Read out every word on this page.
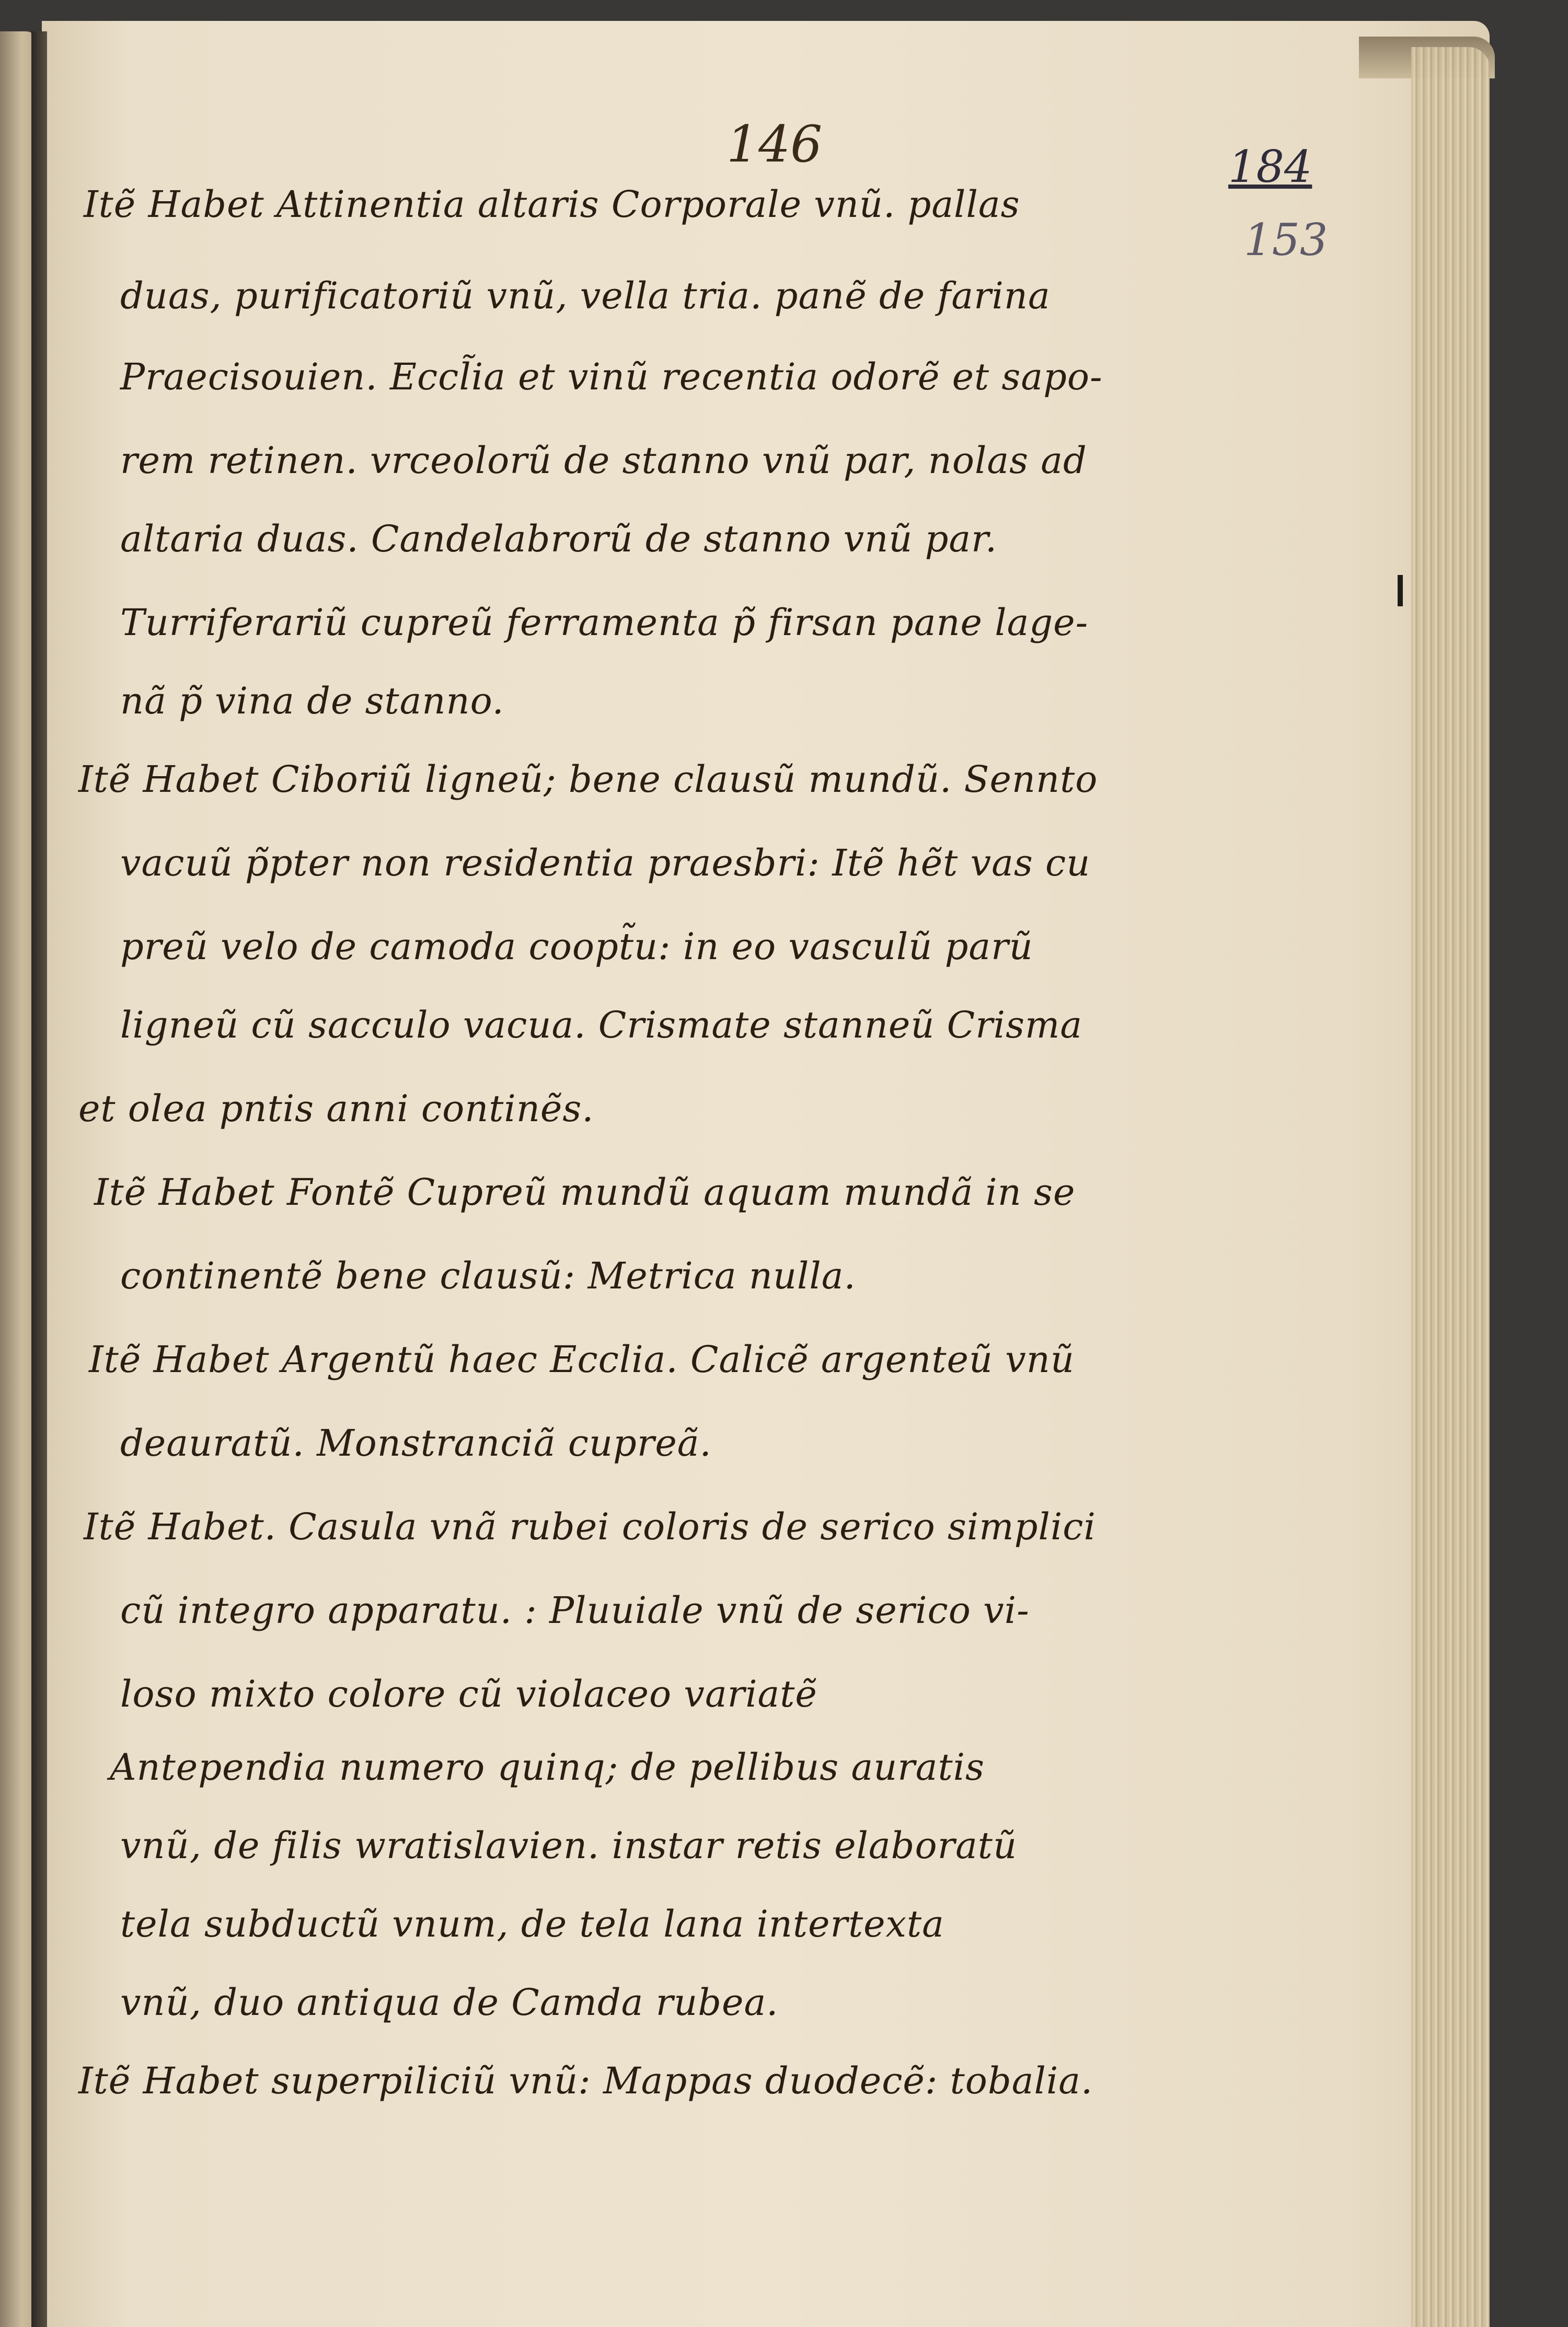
146	184
153
Itẽ Habet Attinentia altaris Corporale vnũ. pallas
duas, purificatoriũ vnũ, vella tria. panẽ de farina
Praecisouien. Eccl̃ia et vinũ recentia odorẽ et sapo-
rem retinen. vrceolorũ de stanno vnũ par, nolas ad
altaria duas. Candelabrorũ de stanno vnũ par.
Turriferariũ cupreũ ferramenta p̃ firsan pane lage-
nã p̃ vina de stanno.
Itẽ Habet Ciboriũ ligneũ; bene clausũ mundũ. Sennto
vacuũ p̃pter non residentia praesbri: Itẽ hẽt vas cu
preũ velo de camoda coopt̃u: in eo vasculũ parũ
ligneũ cũ sacculo vacua. Crismate stanneũ Crisma
et olea pntis anni continẽs.
Itẽ Habet Fontẽ Cupreũ mundũ aquam mundã in se
continentẽ bene clausũ: Metrica nulla.
Itẽ Habet Argentũ haec Ecclia. Calicẽ argenteũ vnũ
deauratũ. Monstranciã cupreã.
Itẽ Habet. Casula vnã rubei coloris de serico simplici
cũ integro apparatu. : Pluuiale vnũ de serico vi-
loso mixto colore cũ violaceo variatẽ
Antependia numero quinq; de pellibus auratis
vnũ, de filis wratislavien. instar retis elaboratũ
tela subductũ vnum, de tela lana intertexta
vnũ, duo antiqua de Camda rubea.
Itẽ Habet superpiliciũ vnũ: Mappas duodecẽ: tobalia.
